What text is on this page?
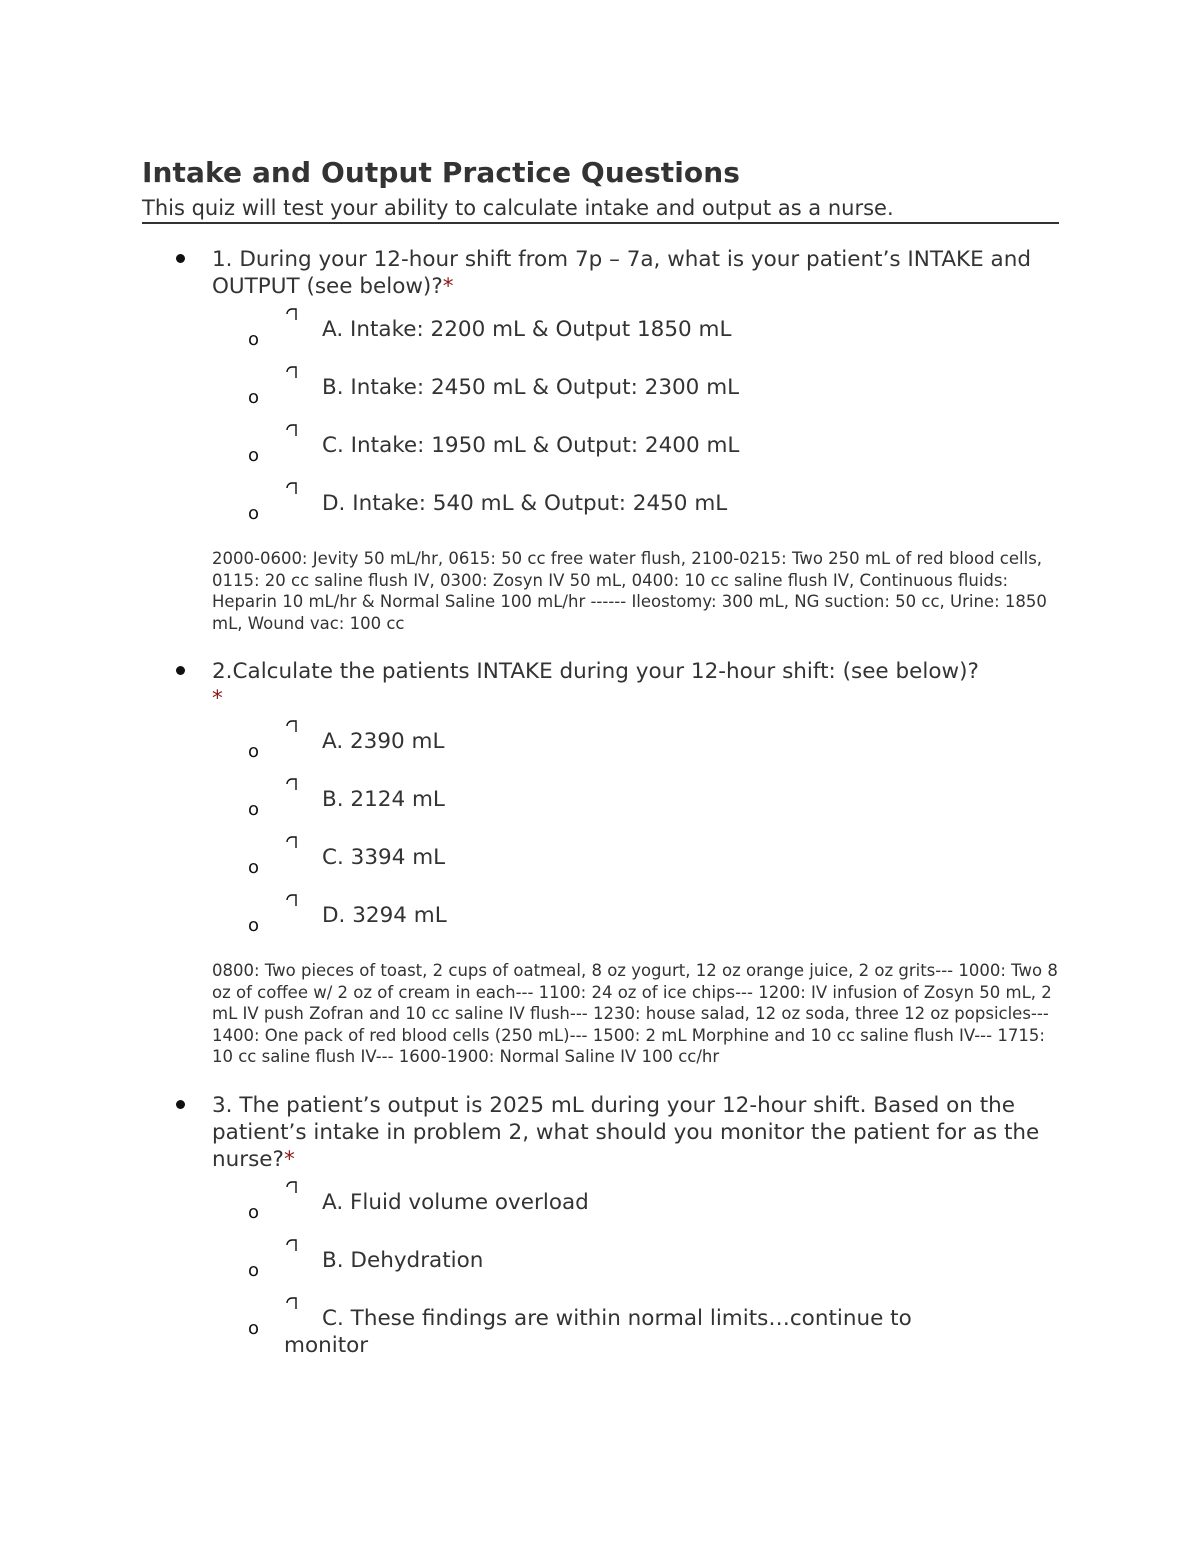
Intake and Output Practice Questions
This quiz will test your ability to calculate intake and output as a nurse.
1. During your 12-hour shift from 7p – 7a, what is your patient’s INTAKE and OUTPUT (see below)?*
o	A. Intake: 2200 mL & Output 1850 mL
o	B. Intake: 2450 mL & Output: 2300 mL
o	C. Intake: 1950 mL & Output: 2400 mL
o	D. Intake: 540 mL & Output: 2450 mL
2000-0600: Jevity 50 mL/hr, 0615: 50 cc free water flush, 2100-0215: Two 250 mL of red blood cells, 0115: 20 cc saline flush IV, 0300: Zosyn IV 50 mL, 0400: 10 cc saline flush IV, Continuous fluids: Heparin 10 mL/hr & Normal Saline 100 mL/hr ------ Ileostomy: 300 mL, NG suction: 50 cc, Urine: 1850 mL, Wound vac: 100 cc
2.Calculate the patients INTAKE during your 12-hour shift: (see below)?
*
o	A. 2390 mL
o	B. 2124 mL
o	C. 3394 mL
o	D. 3294 mL
0800: Two pieces of toast, 2 cups of oatmeal, 8 oz yogurt, 12 oz orange juice, 2 oz grits--- 1000: Two 8 oz of coffee w/ 2 oz of cream in each--- 1100: 24 oz of ice chips--- 1200: IV infusion of Zosyn 50 mL, 2 mL IV push Zofran and 10 cc saline IV flush--- 1230: house salad, 12 oz soda, three 12 oz popsicles--- 1400: One pack of red blood cells (250 mL)--- 1500: 2 mL Morphine and 10 cc saline flush IV--- 1715: 10 cc saline flush IV--- 1600-1900: Normal Saline IV 100 cc/hr
3. The patient’s output is 2025 mL during your 12-hour shift. Based on the patient’s intake in problem 2, what should you monitor the patient for as the nurse?*
o	A. Fluid volume overload
o	B. Dehydration
o	C. These findings are within normal limits…continue to
monitor
